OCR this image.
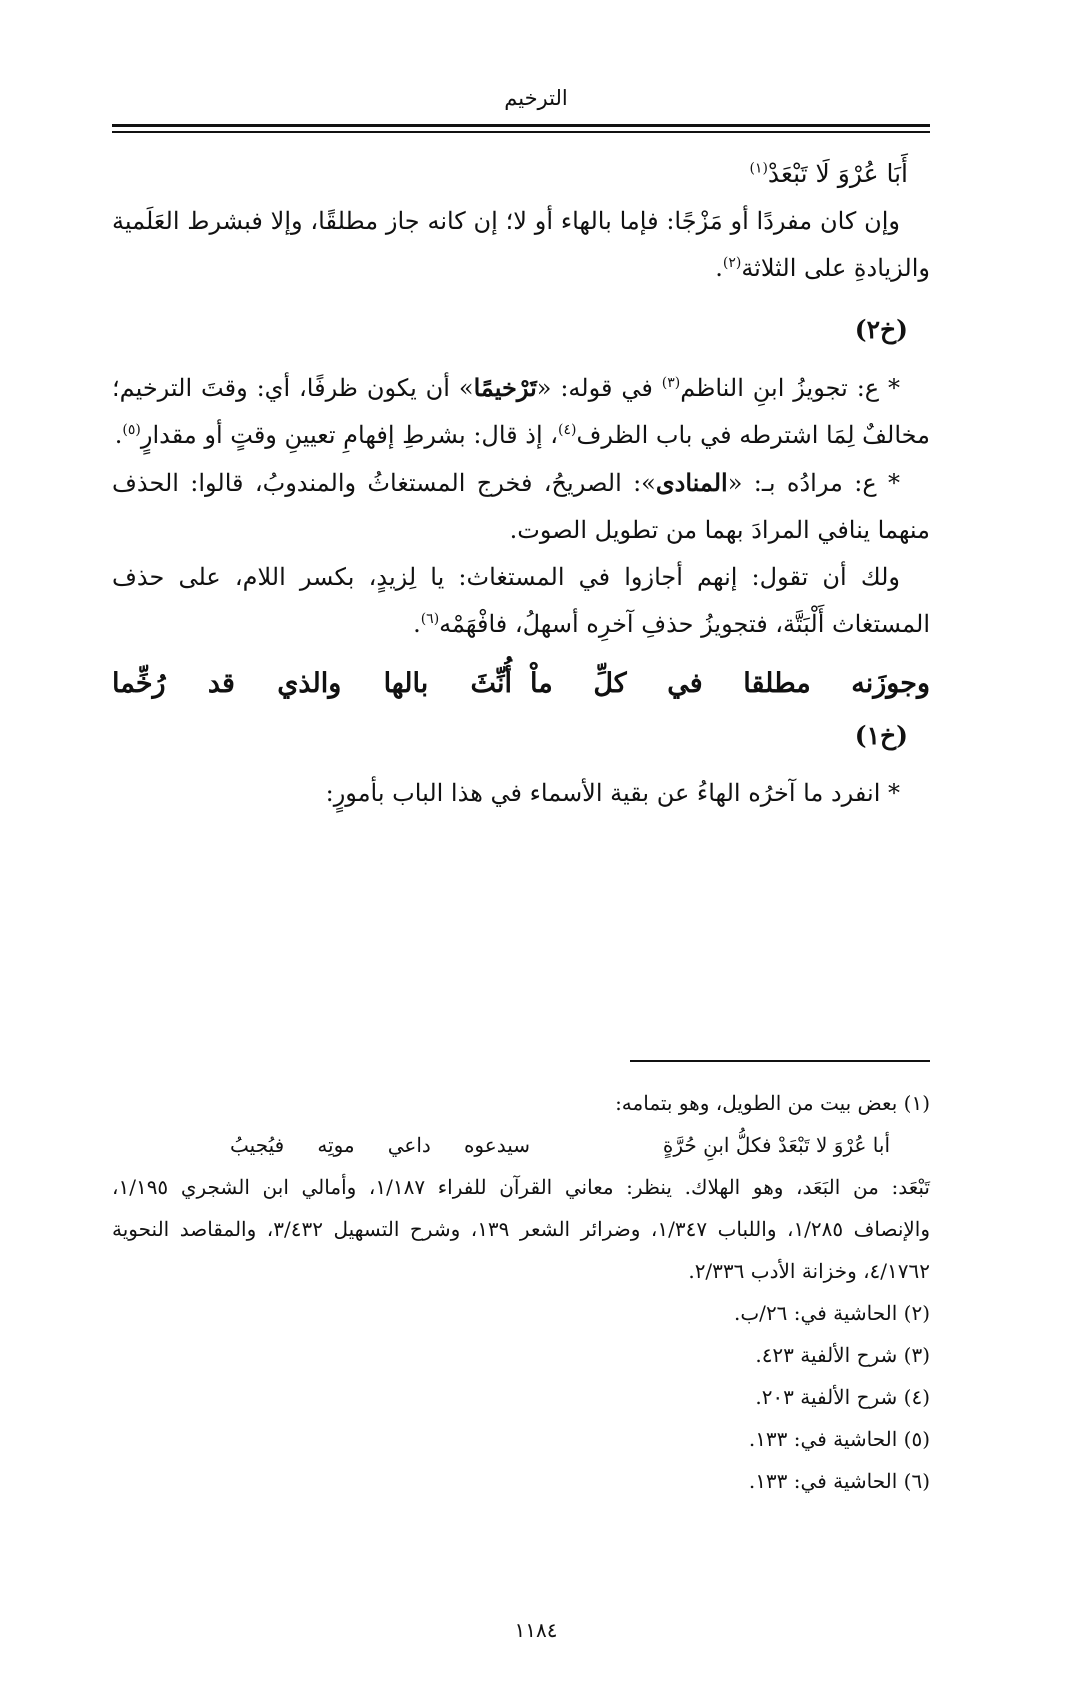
الترخيم
أَبَا عُرْوَ لَا تَبْعَدْ$^{(١)}$

وإن كان مفردًا أو مَزْجًا: فإما بالهاء أو لا؛ إن كانه جاز مطلقًا، وإلا فبشرط العَلَمية والزيادةِ على الثلاثة$^{(٢)}$.

(خ٢)

* ع: تجويزُ ابنِ الناظم$^{(٣)}$ في قوله: «تَرْخيمًا» أن يكون ظرفًا، أي: وقتَ الترخيم؛ مخالفٌ لِمَا اشترطه في باب الظرف$^{(٤)}$، إذ قال: بشرطِ إفهامِ تعيينِ وقتٍ أو مقدارٍ$^{(٥)}$.

* ع: مرادُه بـ: «المنادى»: الصريحُ، فخرج المستغاثُ والمندوبُ، قالوا: الحذف منهما ينافي المرادَ بهما من تطويل الصوت.

ولك أن تقول: إنهم أجازوا في المستغاث: يا لِزيدٍ، بكسر اللام، على حذف المستغاث أَلْبَتَّة، فتجويزُ حذفِ آخرِه أسهلُ، فافْهَمْه$^{(٦)}$.

وجوزَنه
مطلقا
في
كلِّ
ماْ
أُنِّثَ
بالها
والذي
قد
رُخِّما
(خ١)

* انفرد ما آخرُه الهاءُ عن بقية الأسماء في هذا الباب بأمورٍ:

(١) بعض بيت من الطويل، وهو بتمامه:

أبا عُرْوَ لا تَبْعَدْ فكلُّ ابنِ حُرَّةٍ
سيدعوه
داعي
موتِه
فيُجيبُ

تَبْعَد: من البَعَد، وهو الهلاك. ينظر: معاني القرآن للفراء ١/١٨٧، وأمالي ابن الشجري ١/١٩٥، والإنصاف ١/٢٨٥، واللباب ١/٣٤٧، وضرائر الشعر ١٣٩، وشرح التسهيل ٣/٤٣٢، والمقاصد النحوية ٤/١٧٦٢، وخزانة الأدب ٢/٣٣٦.

(٢) الحاشية في: ٢٦/ب.

(٣) شرح الألفية ٤٢٣.

(٤) شرح الألفية ٢٠٣.

(٥) الحاشية في: ١٣٣.

(٦) الحاشية في: ١٣٣.

١١٨٤
